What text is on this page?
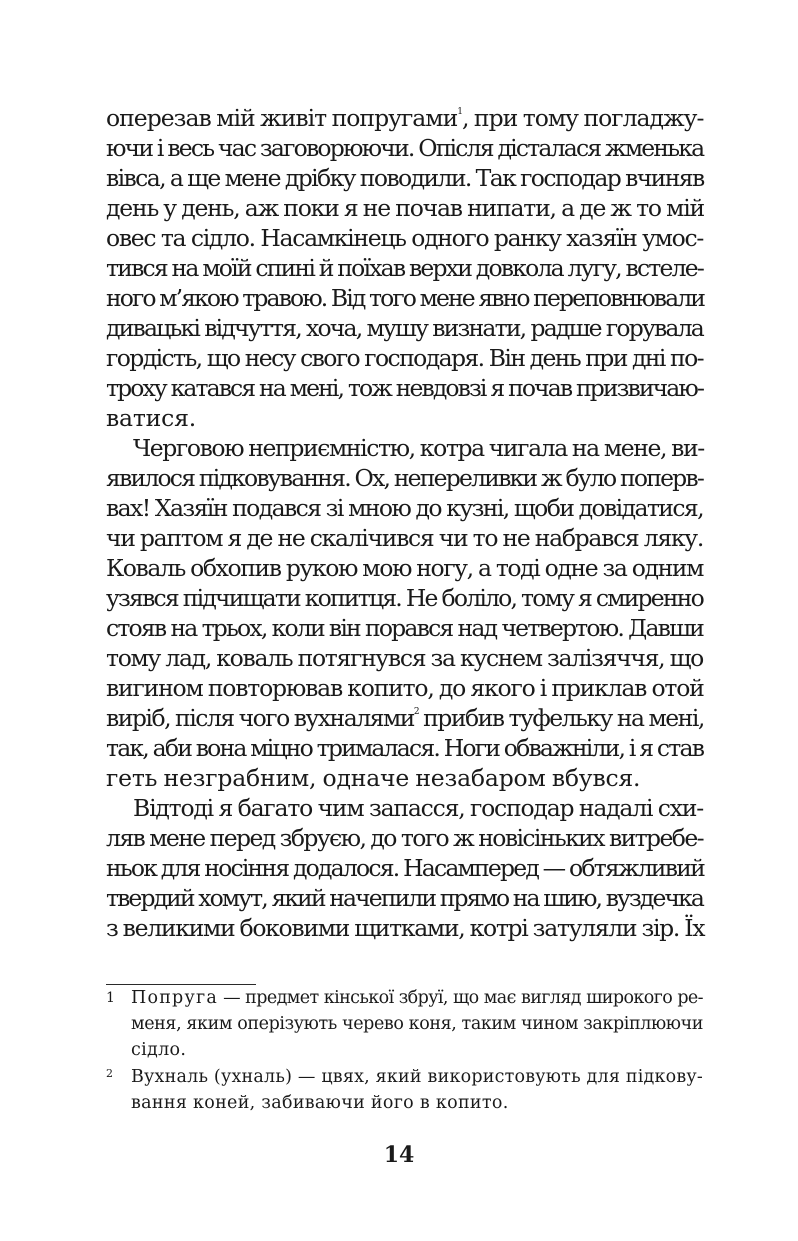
оперезав мій живіт попругами$^1$, при тому погладжу-
ючи і весь час заговорюючи. Опісля дісталася жменька
вівса, а ще мене дрібку поводили. Так господар вчиняв
день у день, аж поки я не почав нипати, а де ж то мій
овес та сідло. Насамкінець одного ранку хазяїн умос-
тився на моїй спині й поїхав верхи довкола лугу, встеле-
ного м’якою травою. Від того мене явно переповнювали
дивацькі відчуття, хоча, мушу визнати, радше горувала
гордість, що несу свого господаря. Він день при дні по-
троху катався на мені, тож невдовзі я почав призвичаю-
ватися.
Черговою неприємністю, котра чигала на мене, ви-
явилося підковування. Ох, непереливки ж було поперв-
вах! Хазяїн подався зі мною до кузні, щоби довідатися,
чи раптом я де не скалічився чи то не набрався ляку.
Коваль обхопив рукою мою ногу, а тоді одне за одним
узявся підчищати копитця. Не боліло, тому я смиренно
стояв на трьох, коли він порався над четвертою. Давши
тому лад, коваль потягнувся за куснем залізяччя, що
вигином повторював копито, до якого і приклав отой
виріб, після чого вухналями$^2$ прибив туфельку на мені,
так, аби вона міцно трималася. Ноги обважніли, і я став
геть незграбним, одначе незабаром вбувся.
Відтоді я багато чим запасся, господар надалі схи-
ляв мене перед збруєю, до того ж новісіньких витребе-
ньок для носіння додалося. Насамперед — обтяжливий
твердий хомут, який начепили прямо на шию, вуздечка
з великими боковими щитками, котрі затуляли зір. Їх
1 Попруга — предмет кінської збруї, що має вигляд широкого ре-
меня, яким оперізують черево коня, таким чином закріплюючи
сідло.
2 Вухналь (ухналь) — цвях, який використовують для підкову-
вання коней, забиваючи його в копито.
14
